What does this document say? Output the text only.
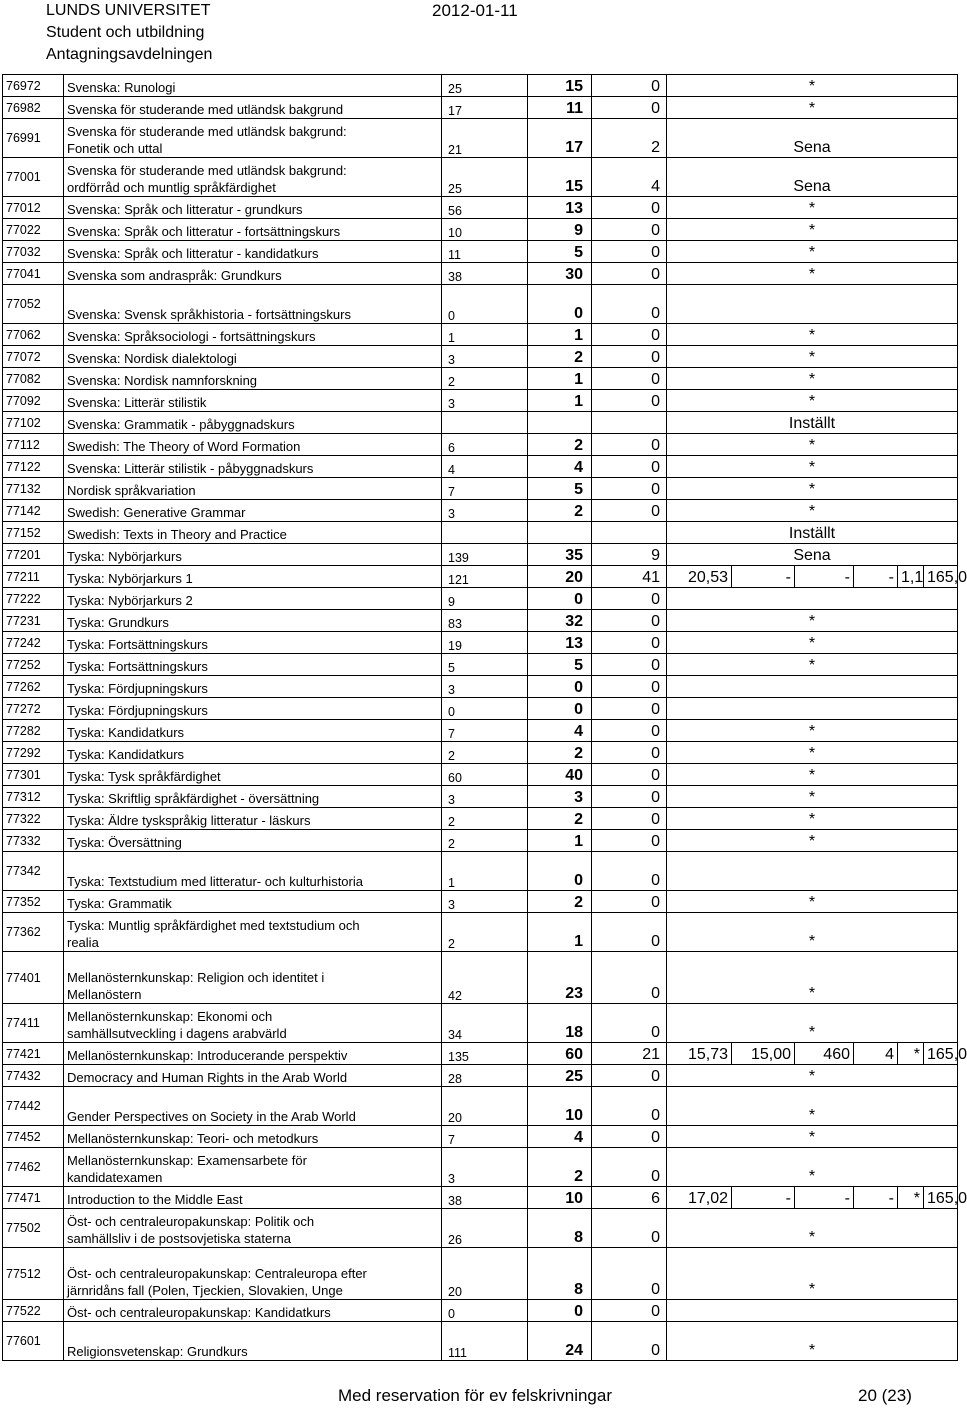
LUNDS UNIVERSITET
Student och utbildning
Antagningsavdelningen
2012-01-11
76972	Svenska: Runologi	25	15	0	*					
76982	Svenska för studerande med utländsk bakgrund	17	11	0	*					
76991	Svenska för studerande med utländsk bakgrund:
Fonetik och uttal	21	17	2	Sena					
77001	Svenska för studerande med utländsk bakgrund:
ordförråd och muntlig språkfärdighet	25	15	4	Sena					
77012	Svenska: Språk och litteratur - grundkurs	56	13	0	*					
77022	Svenska: Språk och litteratur - fortsättningskurs	10	9	0	*					
77032	Svenska: Språk och litteratur - kandidatkurs	11	5	0	*					
77041	Svenska som andraspråk: Grundkurs	38	30	0	*					
77052	Svenska: Svensk språkhistoria - fortsättningskurs	0	0	0						
77062	Svenska: Språksociologi - fortsättningskurs	1	1	0	*					
77072	Svenska: Nordisk dialektologi	3	2	0	*					
77082	Svenska: Nordisk namnforskning	2	1	0	*					
77092	Svenska: Litterär stilistik	3	1	0	*					
77102	Svenska: Grammatik - påbyggnadskurs				Inställt					
77112	Swedish: The Theory of Word Formation	6	2	0	*					
77122	Svenska: Litterär stilistik - påbyggnadskurs	4	4	0	*					
77132	Nordisk språkvariation	7	5	0	*					
77142	Swedish: Generative Grammar	3	2	0	*					
77152	Swedish: Texts in Theory and Practice				Inställt					
77201	Tyska: Nybörjarkurs	139	35	9	Sena					
77211	Tyska: Nybörjarkurs 1	121	20	41	20,53	-	-	-	1,1	165,0
77222	Tyska: Nybörjarkurs 2	9	0	0						
77231	Tyska: Grundkurs	83	32	0	*					
77242	Tyska: Fortsättningskurs	19	13	0	*					
77252	Tyska: Fortsättningskurs	5	5	0	*					
77262	Tyska: Fördjupningskurs	3	0	0						
77272	Tyska: Fördjupningskurs	0	0	0						
77282	Tyska: Kandidatkurs	7	4	0	*					
77292	Tyska: Kandidatkurs	2	2	0	*					
77301	Tyska: Tysk språkfärdighet	60	40	0	*					
77312	Tyska: Skriftlig språkfärdighet - översättning	3	3	0	*					
77322	Tyska: Äldre tyskspråkig litteratur - läskurs	2	2	0	*					
77332	Tyska: Översättning	2	1	0	*					
77342	Tyska: Textstudium med litteratur- och kulturhistoria	1	0	0						
77352	Tyska: Grammatik	3	2	0	*					
77362	Tyska: Muntlig språkfärdighet med textstudium och
realia	2	1	0	*					
77401	Mellanösternkunskap: Religion och identitet i
Mellanöstern	42	23	0	*					
77411	Mellanösternkunskap: Ekonomi och
samhällsutveckling i dagens arabvärld	34	18	0	*					
77421	Mellanösternkunskap: Introducerande perspektiv	135	60	21	15,73	15,00	460	4	*	165,0
77432	Democracy and Human Rights in the Arab World	28	25	0	*					
77442	Gender Perspectives on Society in the Arab World	20	10	0	*					
77452	Mellanösternkunskap: Teori- och metodkurs	7	4	0	*					
77462	Mellanösternkunskap: Examensarbete för
kandidatexamen	3	2	0	*					
77471	Introduction to the Middle East	38	10	6	17,02	-	-	-	*	165,0
77502	Öst- och centraleuropakunskap: Politik och
samhällsliv i de postsovjetiska staterna	26	8	0	*					
77512	Öst- och centraleuropakunskap: Centraleuropa efter
järnridåns fall (Polen, Tjeckien, Slovakien, Unge	20	8	0	*					
77522	Öst- och centraleuropakunskap: Kandidatkurs	0	0	0						
77601	Religionsvetenskap: Grundkurs	111	24	0	*					
Med reservation för ev felskrivningar	20 (23)
